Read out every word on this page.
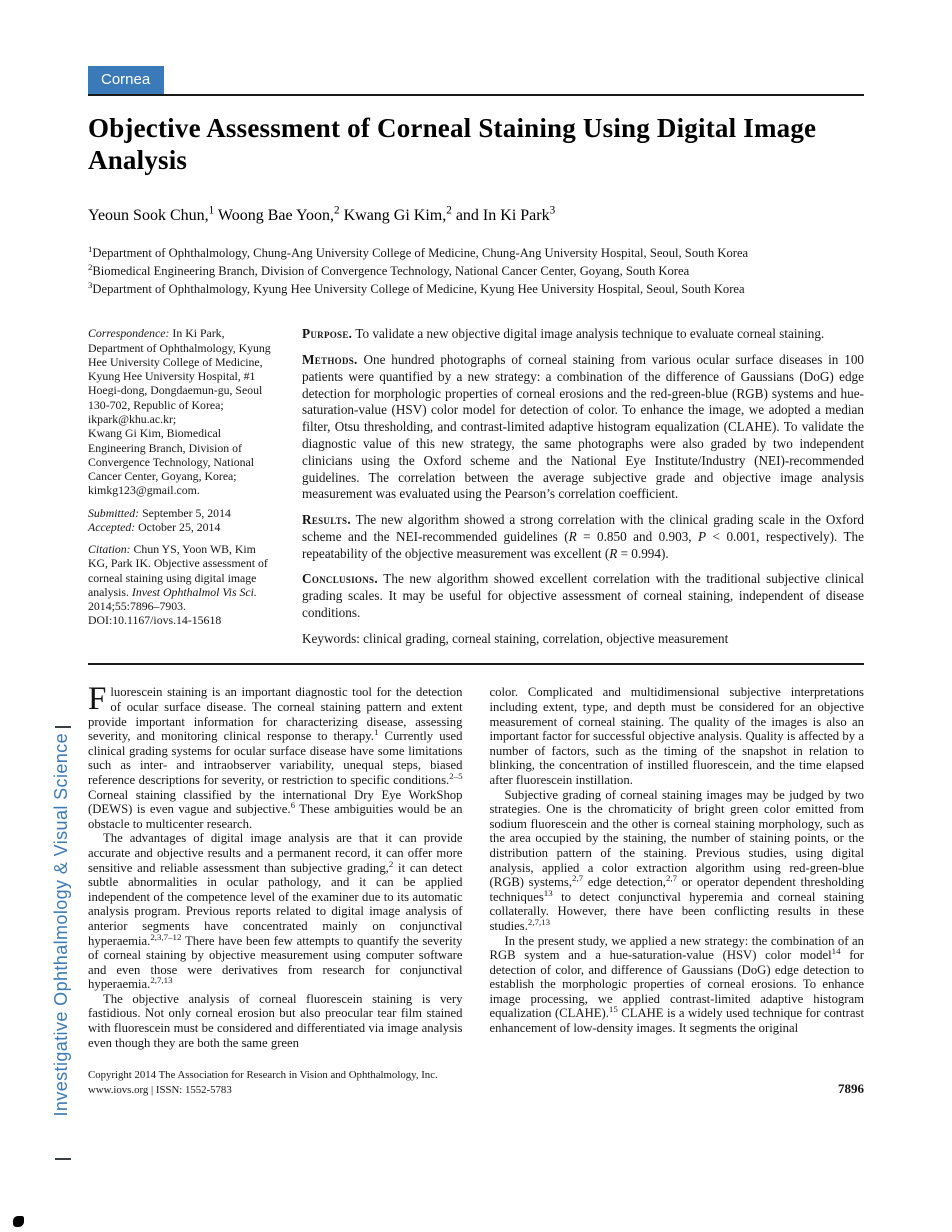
Investigative Ophthalmology & Visual Science
Cornea
Objective Assessment of Corneal Staining Using Digital Image Analysis
Yeoun Sook Chun,$^1$ Woong Bae Yoon,$^2$ Kwang Gi Kim,$^2$ and In Ki Park$^3$
$^1$Department of Ophthalmology, Chung-Ang University College of Medicine, Chung-Ang University Hospital, Seoul, South Korea
$^2$Biomedical Engineering Branch, Division of Convergence Technology, National Cancer Center, Goyang, South Korea
$^3$Department of Ophthalmology, Kyung Hee University College of Medicine, Kyung Hee University Hospital, Seoul, South Korea

Correspondence: In Ki Park, Department of Ophthalmology, Kyung Hee University College of Medicine, Kyung Hee University Hospital, #1 Hoegi-dong, Dongdaemun-gu, Seoul 130-702, Republic of Korea; ikpark@khu.ac.kr;

Kwang Gi Kim, Biomedical Engineering Branch, Division of Convergence Technology, National Cancer Center, Goyang, Korea; kimkg123@gmail.com.

Submitted: September 5, 2014

Accepted: October 25, 2014

Citation: Chun YS, Yoon WB, Kim KG, Park IK. Objective assessment of corneal staining using digital image analysis. Invest Ophthalmol Vis Sci. 2014;55:7896–7903. DOI:10.1167/iovs.14-15618

Purpose. To validate a new objective digital image analysis technique to evaluate corneal staining.

Methods. One hundred photographs of corneal staining from various ocular surface diseases in 100 patients were quantified by a new strategy: a combination of the difference of Gaussians (DoG) edge detection for morphologic properties of corneal erosions and the red-green-blue (RGB) systems and hue-saturation-value (HSV) color model for detection of color. To enhance the image, we adopted a median filter, Otsu thresholding, and contrast-limited adaptive histogram equalization (CLAHE). To validate the diagnostic value of this new strategy, the same photographs were also graded by two independent clinicians using the Oxford scheme and the National Eye Institute/Industry (NEI)-recommended guidelines. The correlation between the average subjective grade and objective image analysis measurement was evaluated using the Pearson’s correlation coefficient.

Results. The new algorithm showed a strong correlation with the clinical grading scale in the Oxford scheme and the NEI-recommended guidelines (R = 0.850 and 0.903, P < 0.001, respectively). The repeatability of the objective measurement was excellent (R = 0.994).

Conclusions. The new algorithm showed excellent correlation with the traditional subjective clinical grading scales. It may be useful for objective assessment of corneal staining, independent of disease conditions.

Keywords: clinical grading, corneal staining, correlation, objective measurement

Fluorescein staining is an important diagnostic tool for the detection of ocular surface disease. The corneal staining pattern and extent provide important information for characterizing disease, assessing severity, and monitoring clinical response to therapy.$^1$ Currently used clinical grading systems for ocular surface disease have some limitations such as inter- and intraobserver variability, unequal steps, biased reference descriptions for severity, or restriction to specific conditions.$^{2-5}$ Corneal staining classified by the international Dry Eye WorkShop (DEWS) is even vague and subjective.$^6$ These ambiguities would be an obstacle to multicenter research.

The advantages of digital image analysis are that it can provide accurate and objective results and a permanent record, it can offer more sensitive and reliable assessment than subjective grading,$^2$ it can detect subtle abnormalities in ocular pathology, and it can be applied independent of the competence level of the examiner due to its automatic analysis program. Previous reports related to digital image analysis of anterior segments have concentrated mainly on conjunctival hyperaemia.$^{2,3,7-12}$ There have been few attempts to quantify the severity of corneal staining by objective measurement using computer software and even those were derivatives from research for conjunctival hyperaemia.$^{2,7,13}$

The objective analysis of corneal fluorescein staining is very fastidious. Not only corneal erosion but also preocular tear film stained with fluorescein must be considered and differentiated via image analysis even though they are both the same green

color. Complicated and multidimensional subjective interpretations including extent, type, and depth must be considered for an objective measurement of corneal staining. The quality of the images is also an important factor for successful objective analysis. Quality is affected by a number of factors, such as the timing of the snapshot in relation to blinking, the concentration of instilled fluorescein, and the time elapsed after fluorescein instillation.

Subjective grading of corneal staining images may be judged by two strategies. One is the chromaticity of bright green color emitted from sodium fluorescein and the other is corneal staining morphology, such as the area occupied by the staining, the number of staining points, or the distribution pattern of the staining. Previous studies, using digital analysis, applied a color extraction algorithm using red-green-blue (RGB) systems,$^{2,7}$ edge detection,$^{2,7}$ or operator dependent thresholding techniques$^{13}$ to detect conjunctival hyperemia and corneal staining collaterally. However, there have been conflicting results in these studies.$^{2,7,13}$

In the present study, we applied a new strategy: the combination of an RGB system and a hue-saturation-value (HSV) color model$^{14}$ for detection of color, and difference of Gaussians (DoG) edge detection to establish the morphologic properties of corneal erosions. To enhance image processing, we applied contrast-limited adaptive histogram equalization (CLAHE).$^{15}$ CLAHE is a widely used technique for contrast enhancement of low-density images. It segments the original

Copyright 2014 The Association for Research in Vision and Ophthalmology, Inc.
www.iovs.org | ISSN: 1552-5783	7896
